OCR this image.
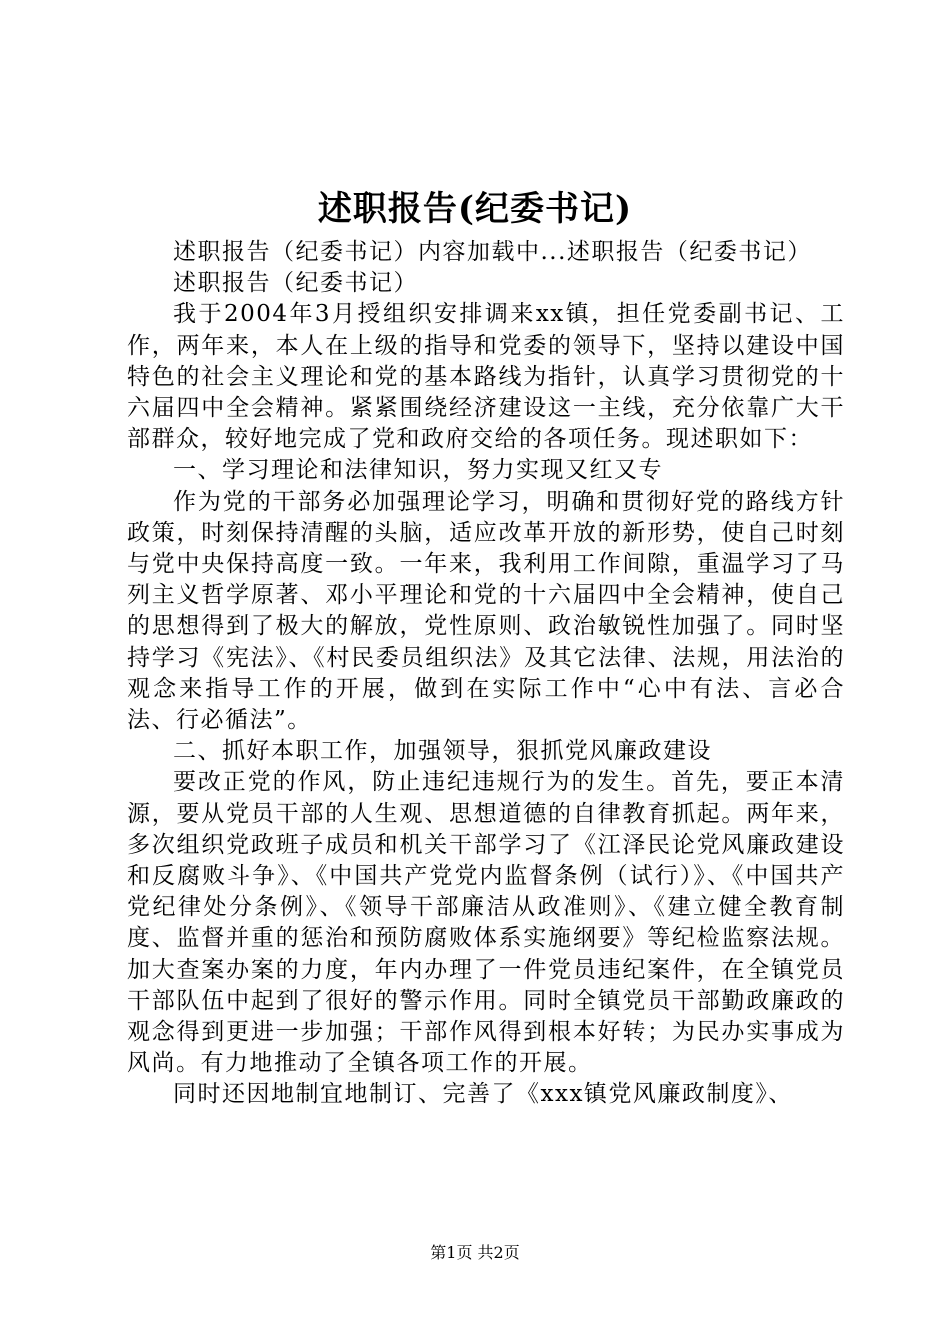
述职报告(纪委书记)

述职报告（纪委书记）内容加载中...述职报告（纪委书记）

述职报告（纪委书记）

我于2004年3月授组织安排调来xx镇，担任党委副书记、工作，两年来，本人在上级的指导和党委的领导下，坚持以建设中国特色的社会主义理论和党的基本路线为指针，认真学习贯彻党的十六届四中全会精神。紧紧围绕经济建设这一主线，充分依靠广大干部群众，较好地完成了党和政府交给的各项任务。现述职如下：

一、学习理论和法律知识，努力实现又红又专

作为党的干部务必加强理论学习，明确和贯彻好党的路线方针政策，时刻保持清醒的头脑，适应改革开放的新形势，使自己时刻与党中央保持高度一致。一年来，我利用工作间隙，重温学习了马列主义哲学原著、邓小平理论和党的十六届四中全会精神，使自己的思想得到了极大的解放，党性原则、政治敏锐性加强了。同时坚持学习《宪法》、《村民委员组织法》及其它法律、法规，用法治的观念来指导工作的开展，做到在实际工作中“心中有法、言必合法、行必循法”。

二、抓好本职工作，加强领导，狠抓党风廉政建设

要改正党的作风，防止违纪违规行为的发生。首先，要正本清源，要从党员干部的人生观、思想道德的自律教育抓起。两年来，多次组织党政班子成员和机关干部学习了《江泽民论党风廉政建设和反腐败斗争》、《中国共产党党内监督条例（试行）》、《中国共产党纪律处分条例》、《领导干部廉洁从政准则》、《建立健全教育制度、监督并重的惩治和预防腐败体系实施纲要》等纪检监察法规。加大查案办案的力度，年内办理了一件党员违纪案件，在全镇党员干部队伍中起到了很好的警示作用。同时全镇党员干部勤政廉政的观念得到更进一步加强；干部作风得到根本好转；为民办实事成为风尚。有力地推动了全镇各项工作的开展。

同时还因地制宜地制订、完善了《xxx镇党风廉政制度》、

第1页 共2页
